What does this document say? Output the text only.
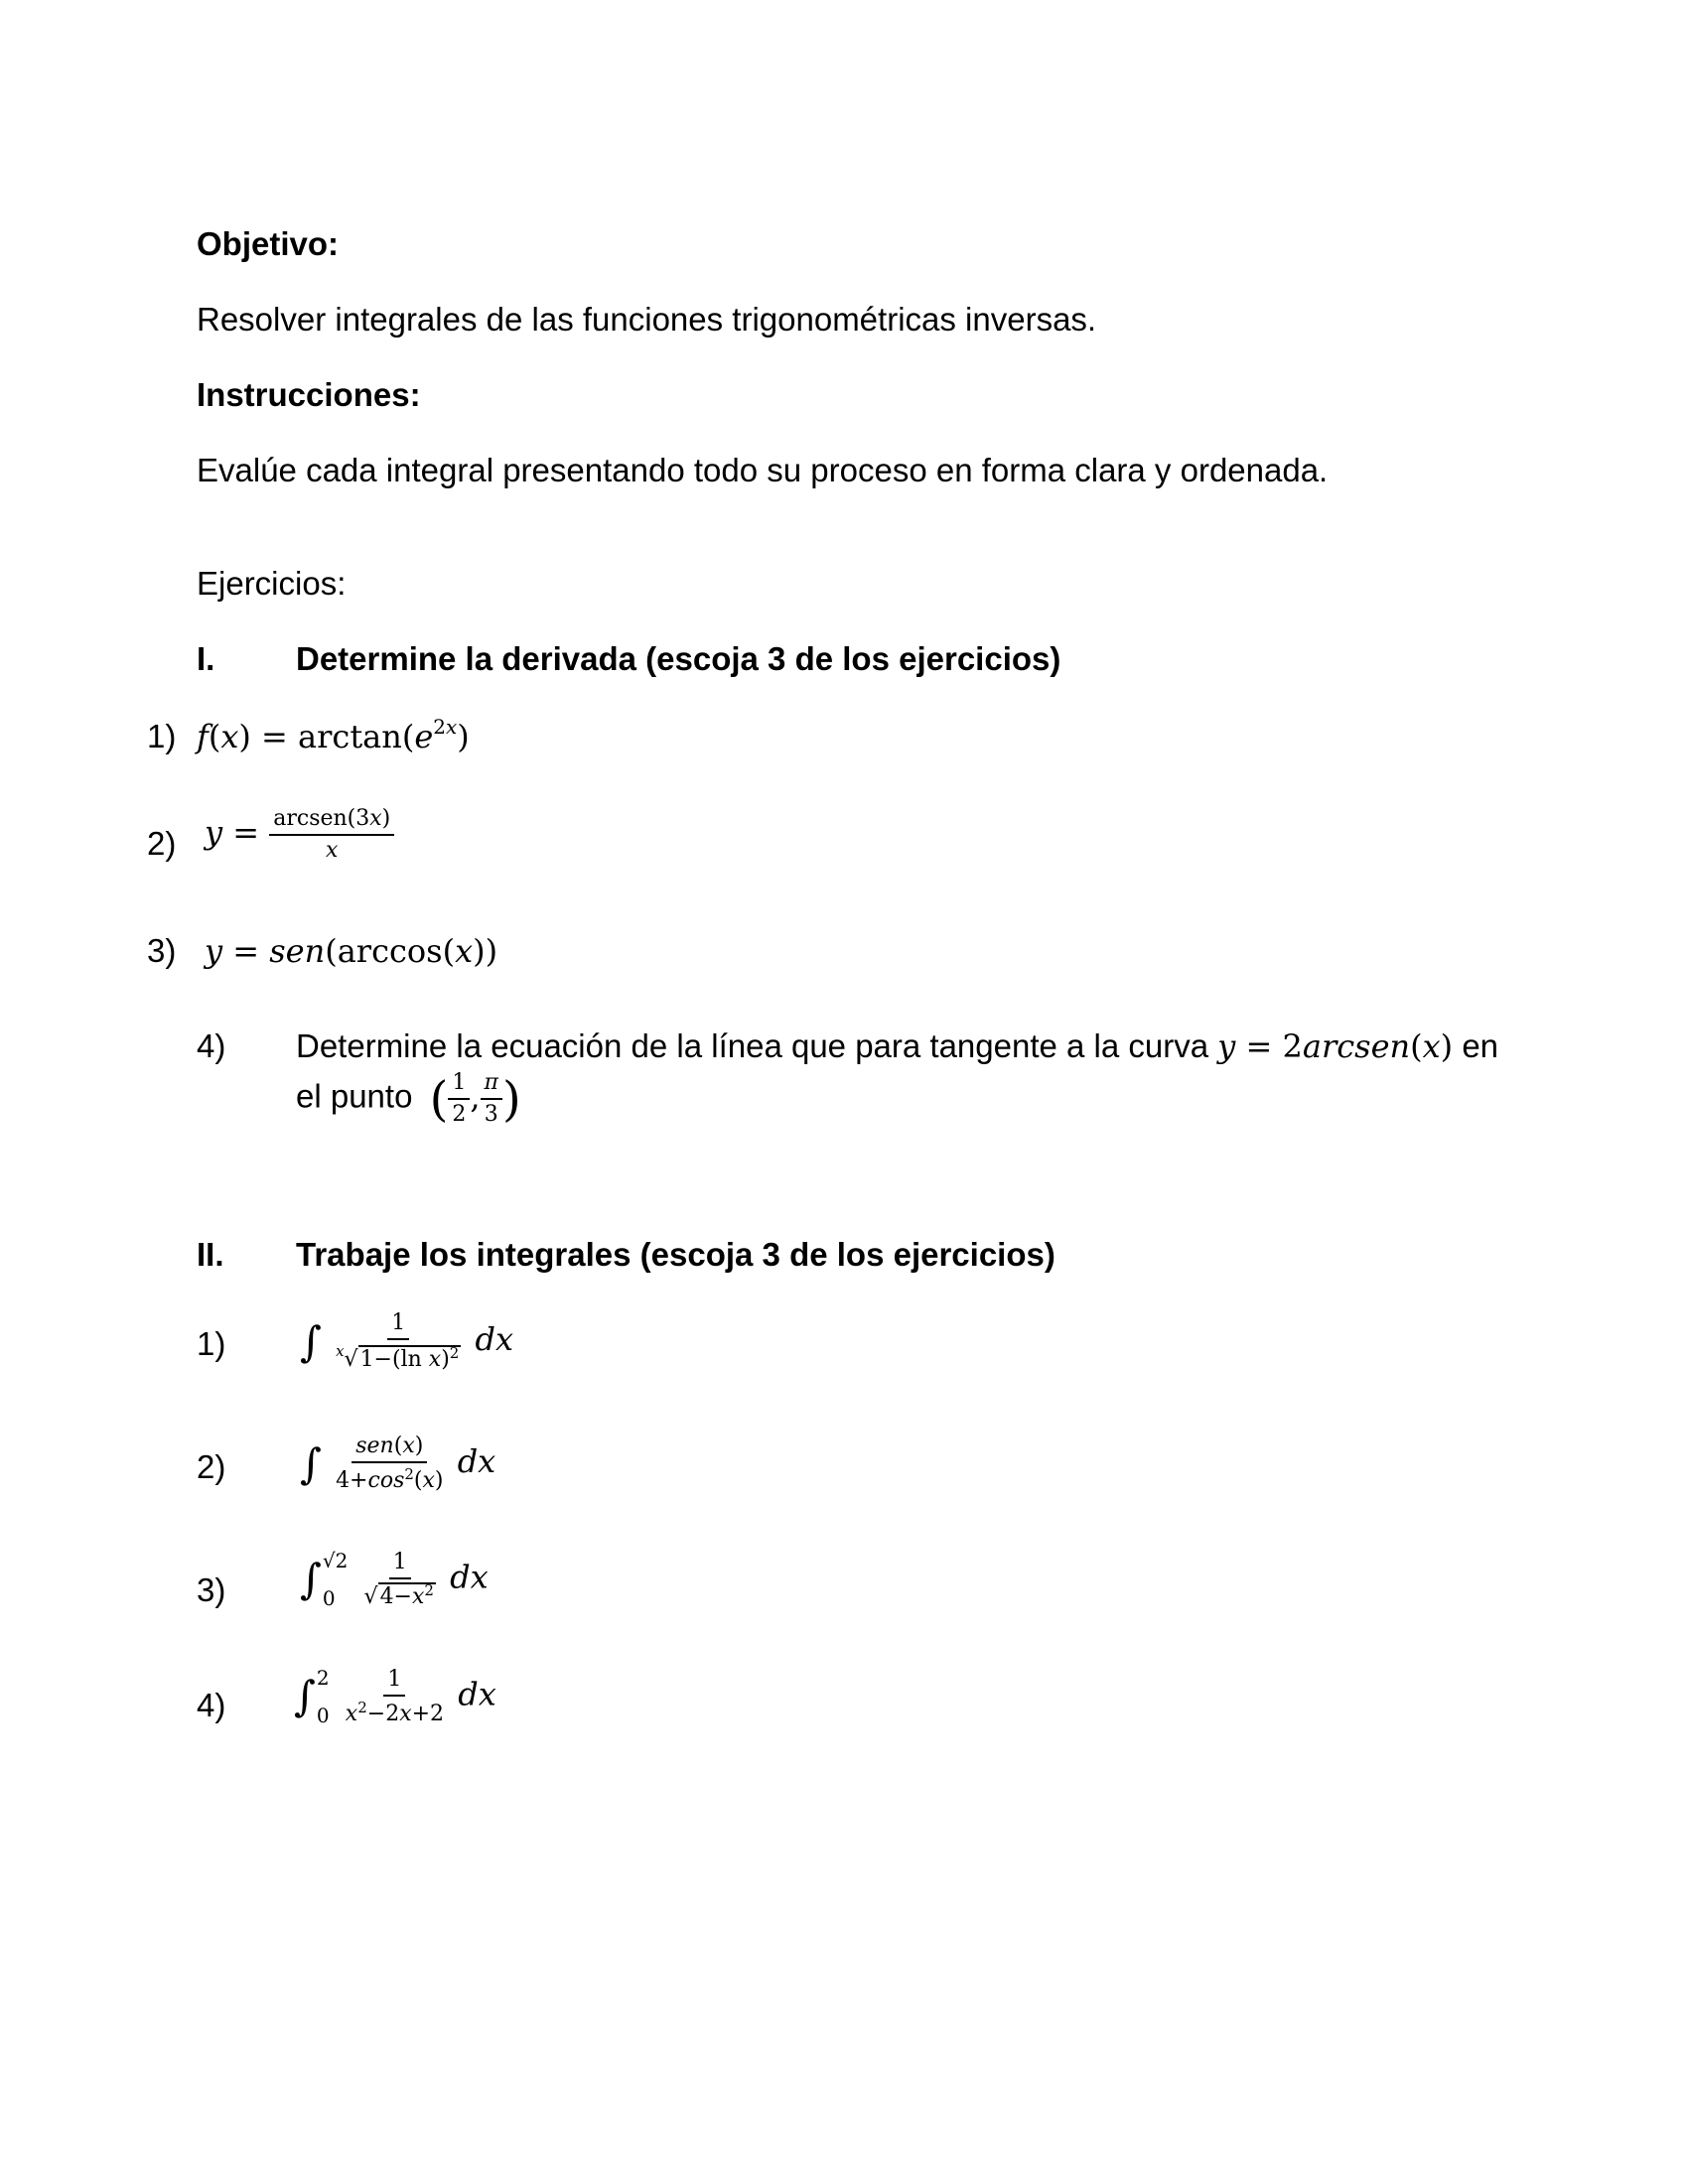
Objetivo:
Resolver integrales de las funciones trigonométricas inversas.
Instrucciones:
Evalúe cada integral presentando todo su proceso en forma clara y ordenada.
Ejercicios:
I. Determine la derivada (escoja 3 de los ejercicios)
1) $f(x) = \arctan(e^{2x})$
2) $y = \frac{\text{arcsen(3x)}}{x}$
3) y = sen(arccos(x))
4) Determine la ecuación de la línea que para tangente a la curva y = 2arcsen(x) en
el punto ( $\frac{1}{2}$ , $\frac{\pi}{3}$ )
II. Trabaje los integrales (escoja 3 de los ejercicios)
1) ∫ $\frac{1}{^x√1-(\ln x)^2}$ dx
2) ∫ $\frac{\text{sen(x)}}{4+\cos^2(x)}$ dx
3) ∫ √2
0
	$\frac{1}{√4-x^2}$ dx
4) ∫ 2
0
$\frac{1}{x^2-2x+2}$ dx
